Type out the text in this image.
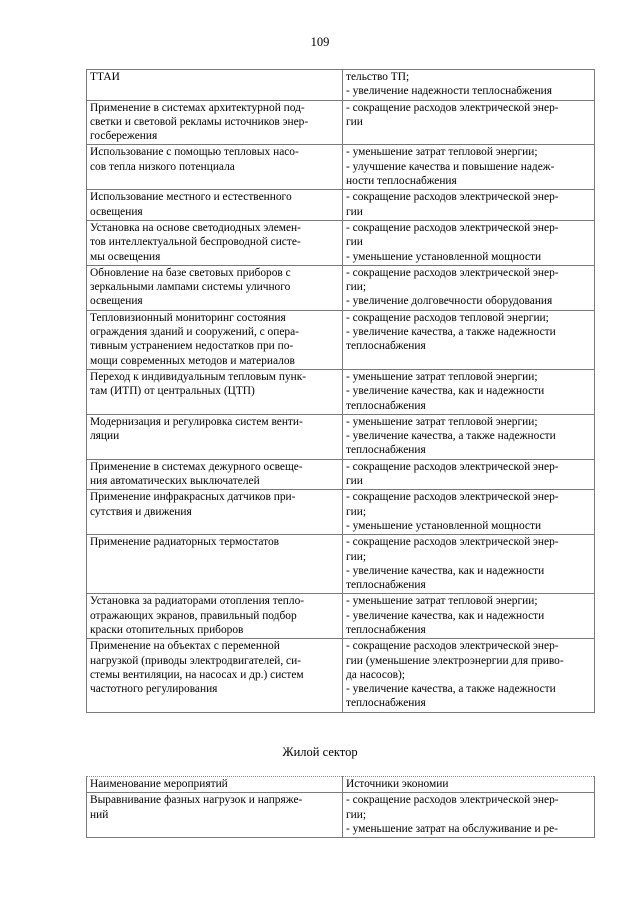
109
ТТАИ	тельство ТП;
- увеличение надежности теплоснабжения

Применение в системах архитектурной под-
светки и световой рекламы источников энер-
госбережения	- сокращение расходов электрической энер-
гии

Использование с помощью тепловых насо-
сов тепла низкого потенциала	- уменьшение затрат тепловой энергии;
- улучшение качества и повышение надеж-
ности теплоснабжения

Использование местного и естественного
освещения	- сокращение расходов электрической энер-
гии

Установка на основе светодиодных элемен-
тов интеллектуальной беспроводной систе-
мы освещения	- сокращение расходов электрической энер-
гии
- уменьшение установленной мощности

Обновление на базе световых приборов с
зеркальными лампами системы уличного
освещения	- сокращение расходов электрической энер-
гии;
- увеличение долговечности оборудования

Тепловизионный мониторинг состояния
ограждения зданий и сооружений, с опера-
тивным устранением недостатков при по-
мощи современных методов и материалов	- сокращение расходов тепловой энергии;
- увеличение качества, а также надежности
теплоснабжения

Переход к индивидуальным тепловым пунк-
там (ИТП) от центральных (ЦТП)	- уменьшение затрат тепловой энергии;
- увеличение качества, как и надежности
теплоснабжения

Модернизация и регулировка систем венти-
ляции	- уменьшение затрат тепловой энергии;
- увеличение качества, а также надежности
теплоснабжения

Применение в системах дежурного освеще-
ния автоматических выключателей	- сокращение расходов электрической энер-
гии

Применение инфракрасных датчиков при-
сутствия и движения	- сокращение расходов электрической энер-
гии;
- уменьшение установленной мощности

Применение радиаторных термостатов	- сокращение расходов электрической энер-
гии;
- увеличение качества, как и надежности
теплоснабжения

Установка за радиаторами отопления тепло-
отражающих экранов, правильный подбор
краски отопительных приборов	- уменьшение затрат тепловой энергии;
- увеличение качества, как и надежности
теплоснабжения

Применение на объектах с переменной
нагрузкой (приводы электродвигателей, си-
стемы вентиляции, на насосах и др.) систем
частотного регулирования	- сокращение расходов электрической энер-
гии (уменьшение электроэнергии для приво-
да насосов);
- увеличение качества, а также надежности
теплоснабжения
Жилой сектор
Наименование мероприятий	Источники экономии

Выравнивание фазных нагрузок и напряже-
ний	- сокращение расходов электрической энер-
гии;
- уменьшение затрат на обслуживание и ре-
